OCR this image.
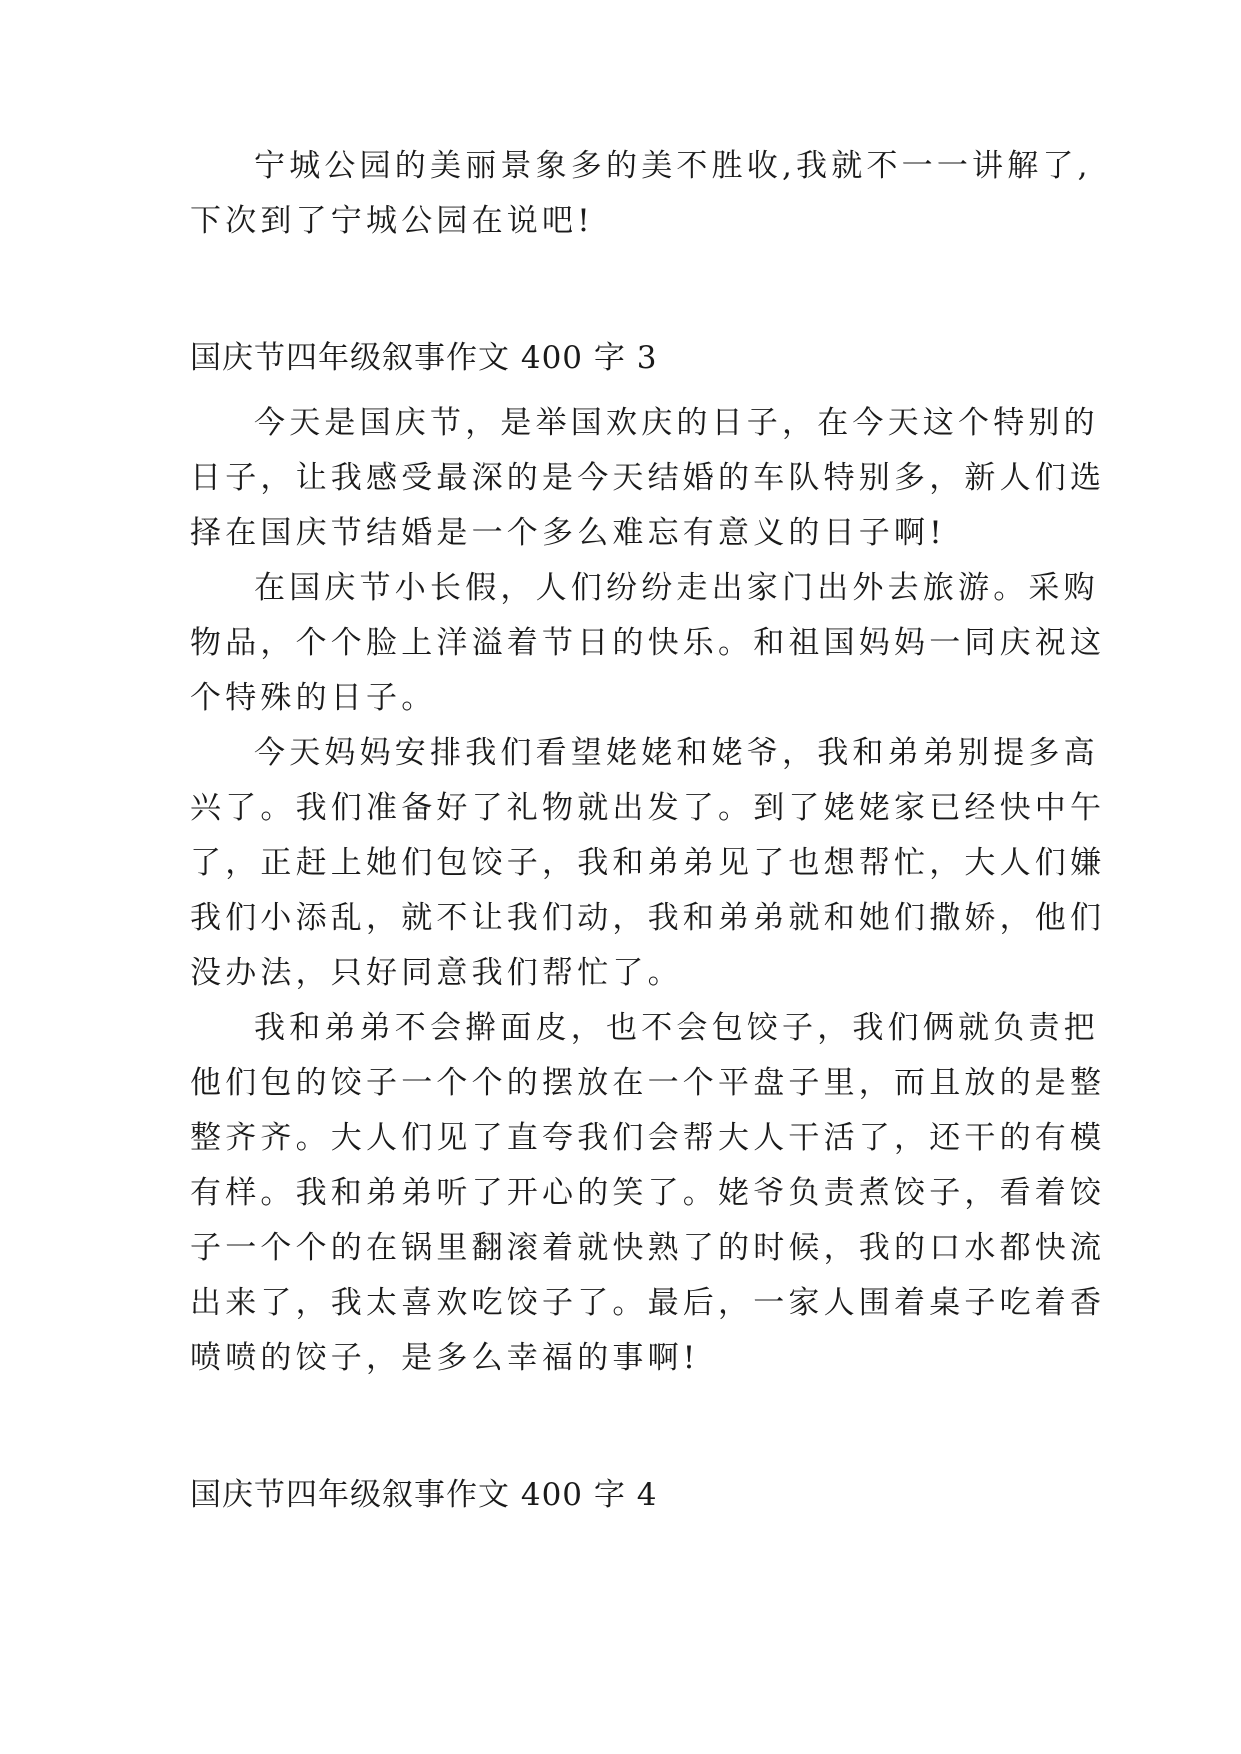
宁城公园的美丽景象多的美不胜收,我就不一一讲解了,
下次到了宁城公园在说吧!
国庆节四年级叙事作文 400 字 3
今天是国庆节，是举国欢庆的日子，在今天这个特别的
日子，让我感受最深的是今天结婚的车队特别多，新人们选
择在国庆节结婚是一个多么难忘有意义的日子啊!
在国庆节小长假，人们纷纷走出家门出外去旅游。采购
物品，个个脸上洋溢着节日的快乐。和祖国妈妈一同庆祝这
个特殊的日子。
今天妈妈安排我们看望姥姥和姥爷，我和弟弟别提多高
兴了。我们准备好了礼物就出发了。到了姥姥家已经快中午
了，正赶上她们包饺子，我和弟弟见了也想帮忙，大人们嫌
我们小添乱，就不让我们动，我和弟弟就和她们撒娇，他们
没办法，只好同意我们帮忙了。
我和弟弟不会擀面皮，也不会包饺子，我们俩就负责把
他们包的饺子一个个的摆放在一个平盘子里，而且放的是整
整齐齐。大人们见了直夸我们会帮大人干活了，还干的有模
有样。我和弟弟听了开心的笑了。姥爷负责煮饺子，看着饺
子一个个的在锅里翻滚着就快熟了的时候，我的口水都快流
出来了，我太喜欢吃饺子了。最后，一家人围着桌子吃着香
喷喷的饺子，是多么幸福的事啊!
国庆节四年级叙事作文 400 字 4
